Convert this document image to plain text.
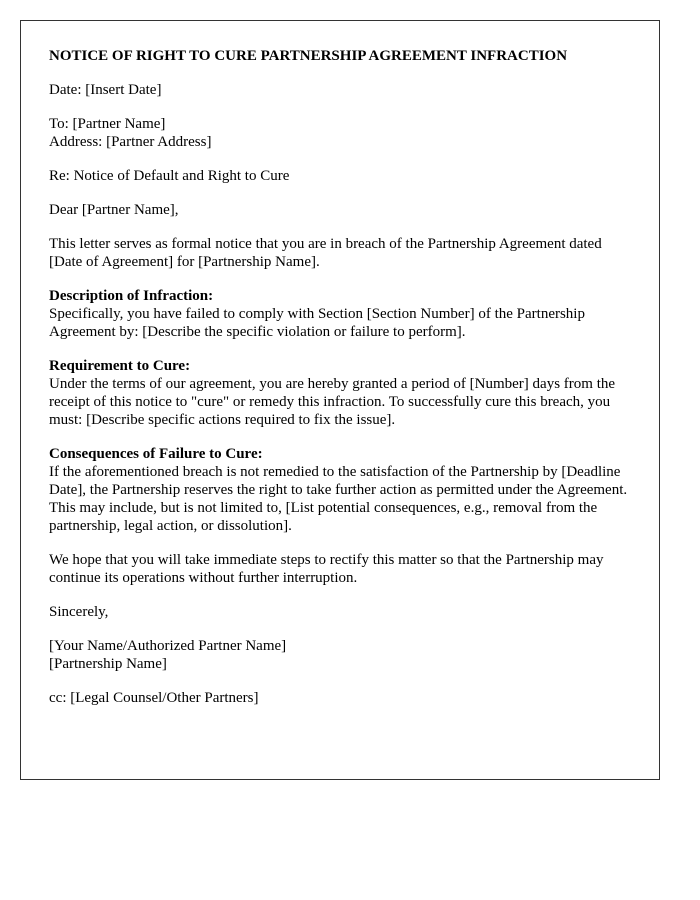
NOTICE OF RIGHT TO CURE PARTNERSHIP AGREEMENT INFRACTION

Date: [Insert Date]

To: [Partner Name]
Address: [Partner Address]

Re: Notice of Default and Right to Cure

Dear [Partner Name],

This letter serves as formal notice that you are in breach of the Partnership Agreement dated [Date of Agreement] for [Partnership Name].

Description of Infraction:
Specifically, you have failed to comply with Section [Section Number] of the Partnership Agreement by: [Describe the specific violation or failure to perform].
Requirement to Cure:
Under the terms of our agreement, you are hereby granted a period of [Number] days from the receipt of this notice to "cure" or remedy this infraction. To successfully cure this breach, you must: [Describe specific actions required to fix the issue].
Consequences of Failure to Cure:
If the aforementioned breach is not remedied to the satisfaction of the Partnership by [Deadline Date], the Partnership reserves the right to take further action as permitted under the Agreement. This may include, but is not limited to, [List potential consequences, e.g., removal from the partnership, legal action, or dissolution].

We hope that you will take immediate steps to rectify this matter so that the Partnership may continue its operations without further interruption.

Sincerely,

[Your Name/Authorized Partner Name]
[Partnership Name]

cc: [Legal Counsel/Other Partners]
